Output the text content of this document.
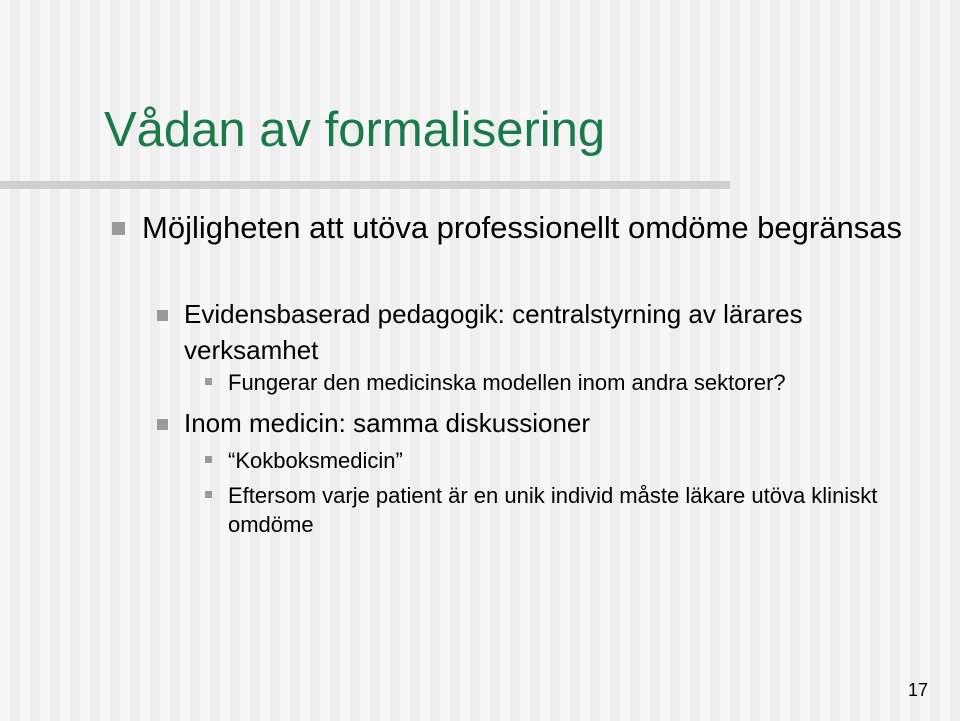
Vådan av formalisering
Möjligheten att utöva professionellt omdöme begränsas
Evidensbaserad pedagogik: centralstyrning av lärares verksamhet
Fungerar den medicinska modellen inom andra sektorer?
Inom medicin: samma diskussioner
“Kokboksmedicin”
Eftersom varje patient är en unik individ måste läkare utöva kliniskt omdöme
17
